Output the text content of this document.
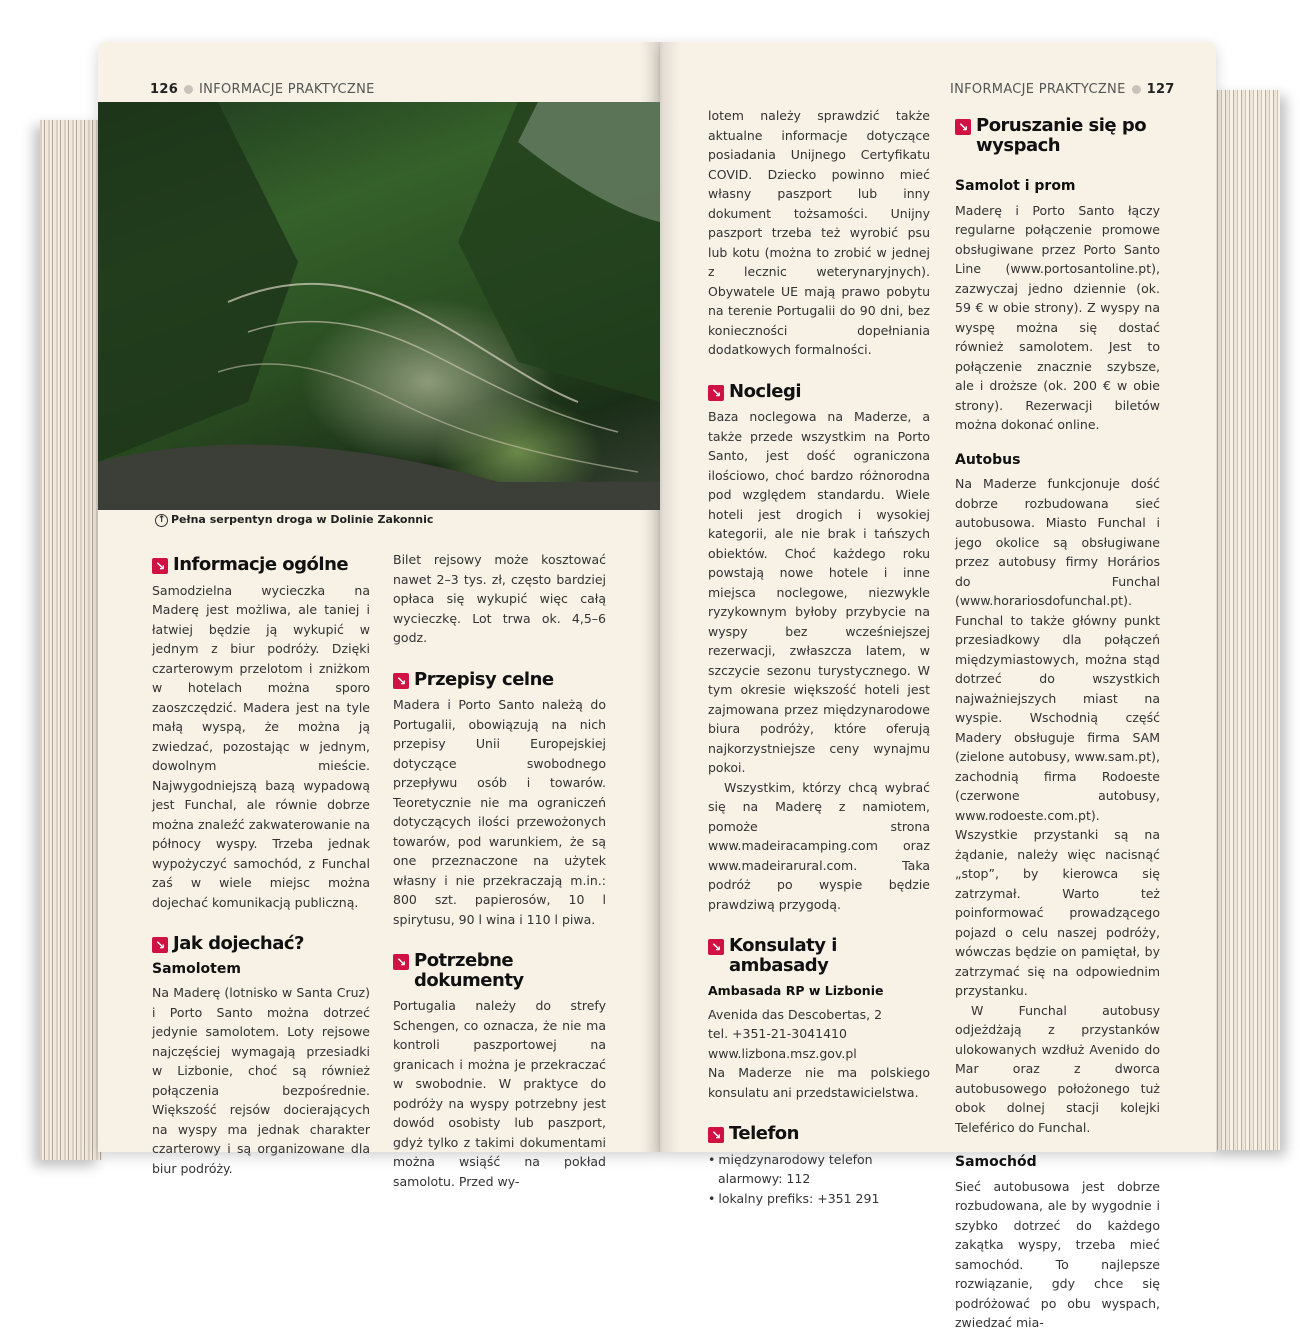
126 INFORMACJE PRAKTYCZNE	INFORMACJE PRAKTYCZNE 127
↑ Pełna serpentyn droga w Dolinie Zakonnic
↘ Informacje ogólne

Samodzielna wycieczka na Maderę jest możliwa, ale taniej i łatwiej będzie ją wykupić w jednym z biur podróży. Dzięki czarterowym przelotom i zniżkom w hotelach można sporo zaoszczędzić. Madera jest na tyle małą wyspą, że można ją zwiedzać, pozostając w jednym, dowolnym mieście. Najwygodniejszą bazą wypadową jest Funchal, ale równie dobrze można znaleźć zakwaterowanie na północy wyspy. Trzeba jednak wypożyczyć samochód, z Funchal zaś w wiele miejsc można dojechać komunikacją publiczną.

↘ Jak dojechać?
Samolotem

Na Maderę (lotnisko w Santa Cruz) i Porto Santo można dotrzeć jedynie samolotem. Loty rejsowe najczęściej wymagają przesiadki w Lizbonie, choć są również połączenia bezpośrednie. Większość rejsów docierających na wyspy ma jednak charakter czarterowy i są organizowane dla biur podróży.

Bilet rejsowy może kosztować nawet 2–3 tys. zł, często bardziej opłaca się wykupić więc całą wycieczkę. Lot trwa ok. 4,5–6 godz.

↘ Przepisy celne

Madera i Porto Santo należą do Portugalii, obowiązują na nich przepisy Unii Europejskiej dotyczące swobodnego przepływu osób i towarów. Teoretycznie nie ma ograniczeń dotyczących ilości przewożonych towarów, pod warunkiem, że są one przeznaczone na użytek własny i nie przekraczają m.in.: 800 szt. papierosów, 10 l spirytusu, 90 l wina i 110 l piwa.

↘ Potrzebne dokumenty

Portugalia należy do strefy Schengen, co oznacza, że nie ma kontroli paszportowej na granicach i można je przekraczać w swobodnie. W praktyce do podróży na wyspy potrzebny jest dowód osobisty lub paszport, gdyż tylko z takimi dokumentami można wsiąść na pokład samolotu. Przed wy-

lotem należy sprawdzić także aktualne informacje dotyczące posiadania Unijnego Certyfikatu COVID. Dziecko powinno mieć własny paszport lub inny dokument tożsamości. Unijny paszport trzeba też wyrobić psu lub kotu (można to zrobić w jednej z lecznic weterynaryjnych). Obywatele UE mają prawo pobytu na terenie Portugalii do 90 dni, bez konieczności dopełniania dodatkowych formalności.

↘ Noclegi

Baza noclegowa na Maderze, a także przede wszystkim na Porto Santo, jest dość ograniczona ilościowo, choć bardzo różnorodna pod względem standardu. Wiele hoteli jest drogich i wysokiej kategorii, ale nie brak i tańszych obiektów. Choć każdego roku powstają nowe hotele i inne miejsca noclegowe, niezwykle ryzykownym byłoby przybycie na wyspy bez wcześniejszej rezerwacji, zwłaszcza latem, w szczycie sezonu turystycznego. W tym okresie większość hoteli jest zajmowana przez międzynarodowe biura podróży, które oferują najkorzystniejsze ceny wynajmu pokoi.

Wszystkim, którzy chcą wybrać się na Maderę z namiotem, pomoże strona www.madeiracamping.com oraz www.madeirarural.com. Taka podróż po wyspie będzie prawdziwą przygodą.

↘ Konsulaty i ambasady
Ambasada RP w Lizbonie
Avenida das Descobertas, 2
tel. +351-21-3041410
www.lizbona.msz.gov.pl

Na Maderze nie ma polskiego konsulatu ani przedstawicielstwa.

↘ Telefon
• międzynarodowy telefon alarmowy: 112
• lokalny prefiks: +351 291
↘ Poruszanie się po wyspach
Samolot i prom

Maderę i Porto Santo łączy regularne połączenie promowe obsługiwane przez Porto Santo Line (www.portosantoline.pt), zazwyczaj jedno dziennie (ok. 59 € w obie strony). Z wyspy na wyspę można się dostać również samolotem. Jest to połączenie znacznie szybsze, ale i droższe (ok. 200 € w obie strony). Rezerwacji biletów można dokonać online.

Autobus

Na Maderze funkcjonuje dość dobrze rozbudowana sieć autobusowa. Miasto Funchal i jego okolice są obsługiwane przez autobusy firmy Horários do Funchal (www.horariosdofunchal.pt). Funchal to także główny punkt przesiadkowy dla połączeń międzymiastowych, można stąd dotrzeć do wszystkich najważniejszych miast na wyspie. Wschodnią część Madery obsługuje firma SAM (zielone autobusy, www.sam.pt), zachodnią firma Rodoeste (czerwone autobusy, www.rodoeste.com.pt). Wszystkie przystanki są na żądanie, należy więc nacisnąć „stop”, by kierowca się zatrzymał. Warto też poinformować prowadzącego pojazd o celu naszej podróży, wówczas będzie on pamiętał, by zatrzymać się na odpowiednim przystanku.

W Funchal autobusy odjeżdżają z przystanków ulokowanych wzdłuż Avenido do Mar oraz z dworca autobusowego położonego tuż obok dolnej stacji kolejki Teleférico do Funchal.

Samochód

Sieć autobusowa jest dobrze rozbudowana, ale by wygodnie i szybko dotrzeć do każdego zakątka wyspy, trzeba mieć samochód. To najlepsze rozwiązanie, gdy chce się podróżować po obu wyspach, zwiedzać mia-
